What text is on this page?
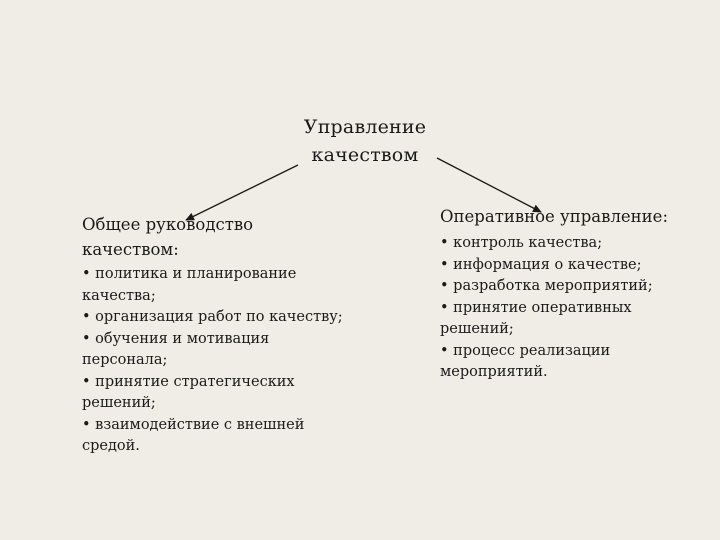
Управление
качеством
Общее руководство качеством:
• политика и планирование качества;
• организация работ по качеству;
• обучения и мотивация персонала;
• принятие стратегических решений;
• взаимодействие с внешней средой.
Оперативное управление:
• контроль качества;
• информация о качестве;
• разработка мероприятий;
• принятие оперативных решений;
• процесс реализации мероприятий.
